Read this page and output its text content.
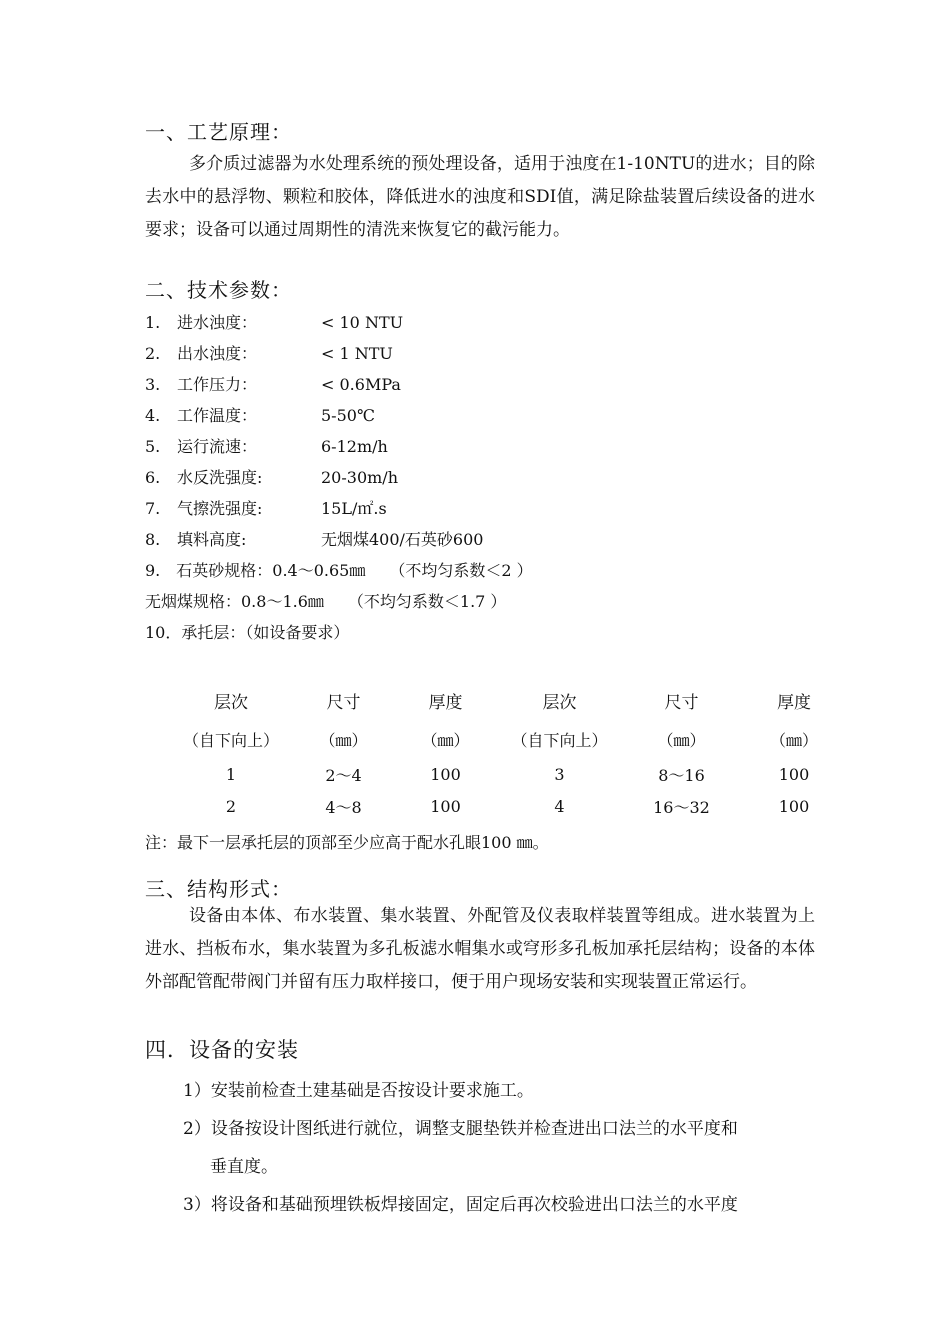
一、工艺原理：
多介质过滤器为水处理系统的预处理设备，适用于浊度在1-10NTU的进水；目的除去水中的悬浮物、颗粒和胶体，降低进水的浊度和SDI值，满足除盐装置后续设备的进水要求；设备可以通过周期性的清洗来恢复它的截污能力。
二、技术参数：
1. 进水浊度：	< 10 NTU
2. 出水浊度：	< 1 NTU
3. 工作压力：	< 0.6MPa
4. 工作温度：	5-50℃
5. 运行流速：	6-12m/h
6. 水反洗强度:	20-30m/h
7. 气擦洗强度:	15L/㎡.s
8. 填料高度:	无烟煤400/石英砂600
9.　石英砂规格：0.4～0.65㎜　　（不均匀系数＜2 ）
无烟煤规格：0.8～1.6㎜　　（不均匀系数＜1.7 ）
10．承托层：（如设备要求）
层次	尺寸	厚度	层次	尺寸	厚度
（自下向上）	（㎜）	（㎜）	（自下向上）	（㎜）	（㎜）
1	2～4	100	3	8～16	100
2	4～8	100	4	16～32	100
注：最下一层承托层的顶部至少应高于配水孔眼100 ㎜。
三、结构形式：
设备由本体、布水装置、集水装置、外配管及仪表取样装置等组成。进水装置为上进水、挡板布水，集水装置为多孔板滤水帽集水或穹形多孔板加承托层结构；设备的本体外部配管配带阀门并留有压力取样接口，便于用户现场安装和实现装置正常运行。
四．设备的安装
1）安装前检查土建基础是否按设计要求施工。
2）设备按设计图纸进行就位，调整支腿垫铁并检查进出口法兰的水平度和
垂直度。
3）将设备和基础预埋铁板焊接固定，固定后再次校验进出口法兰的水平度
